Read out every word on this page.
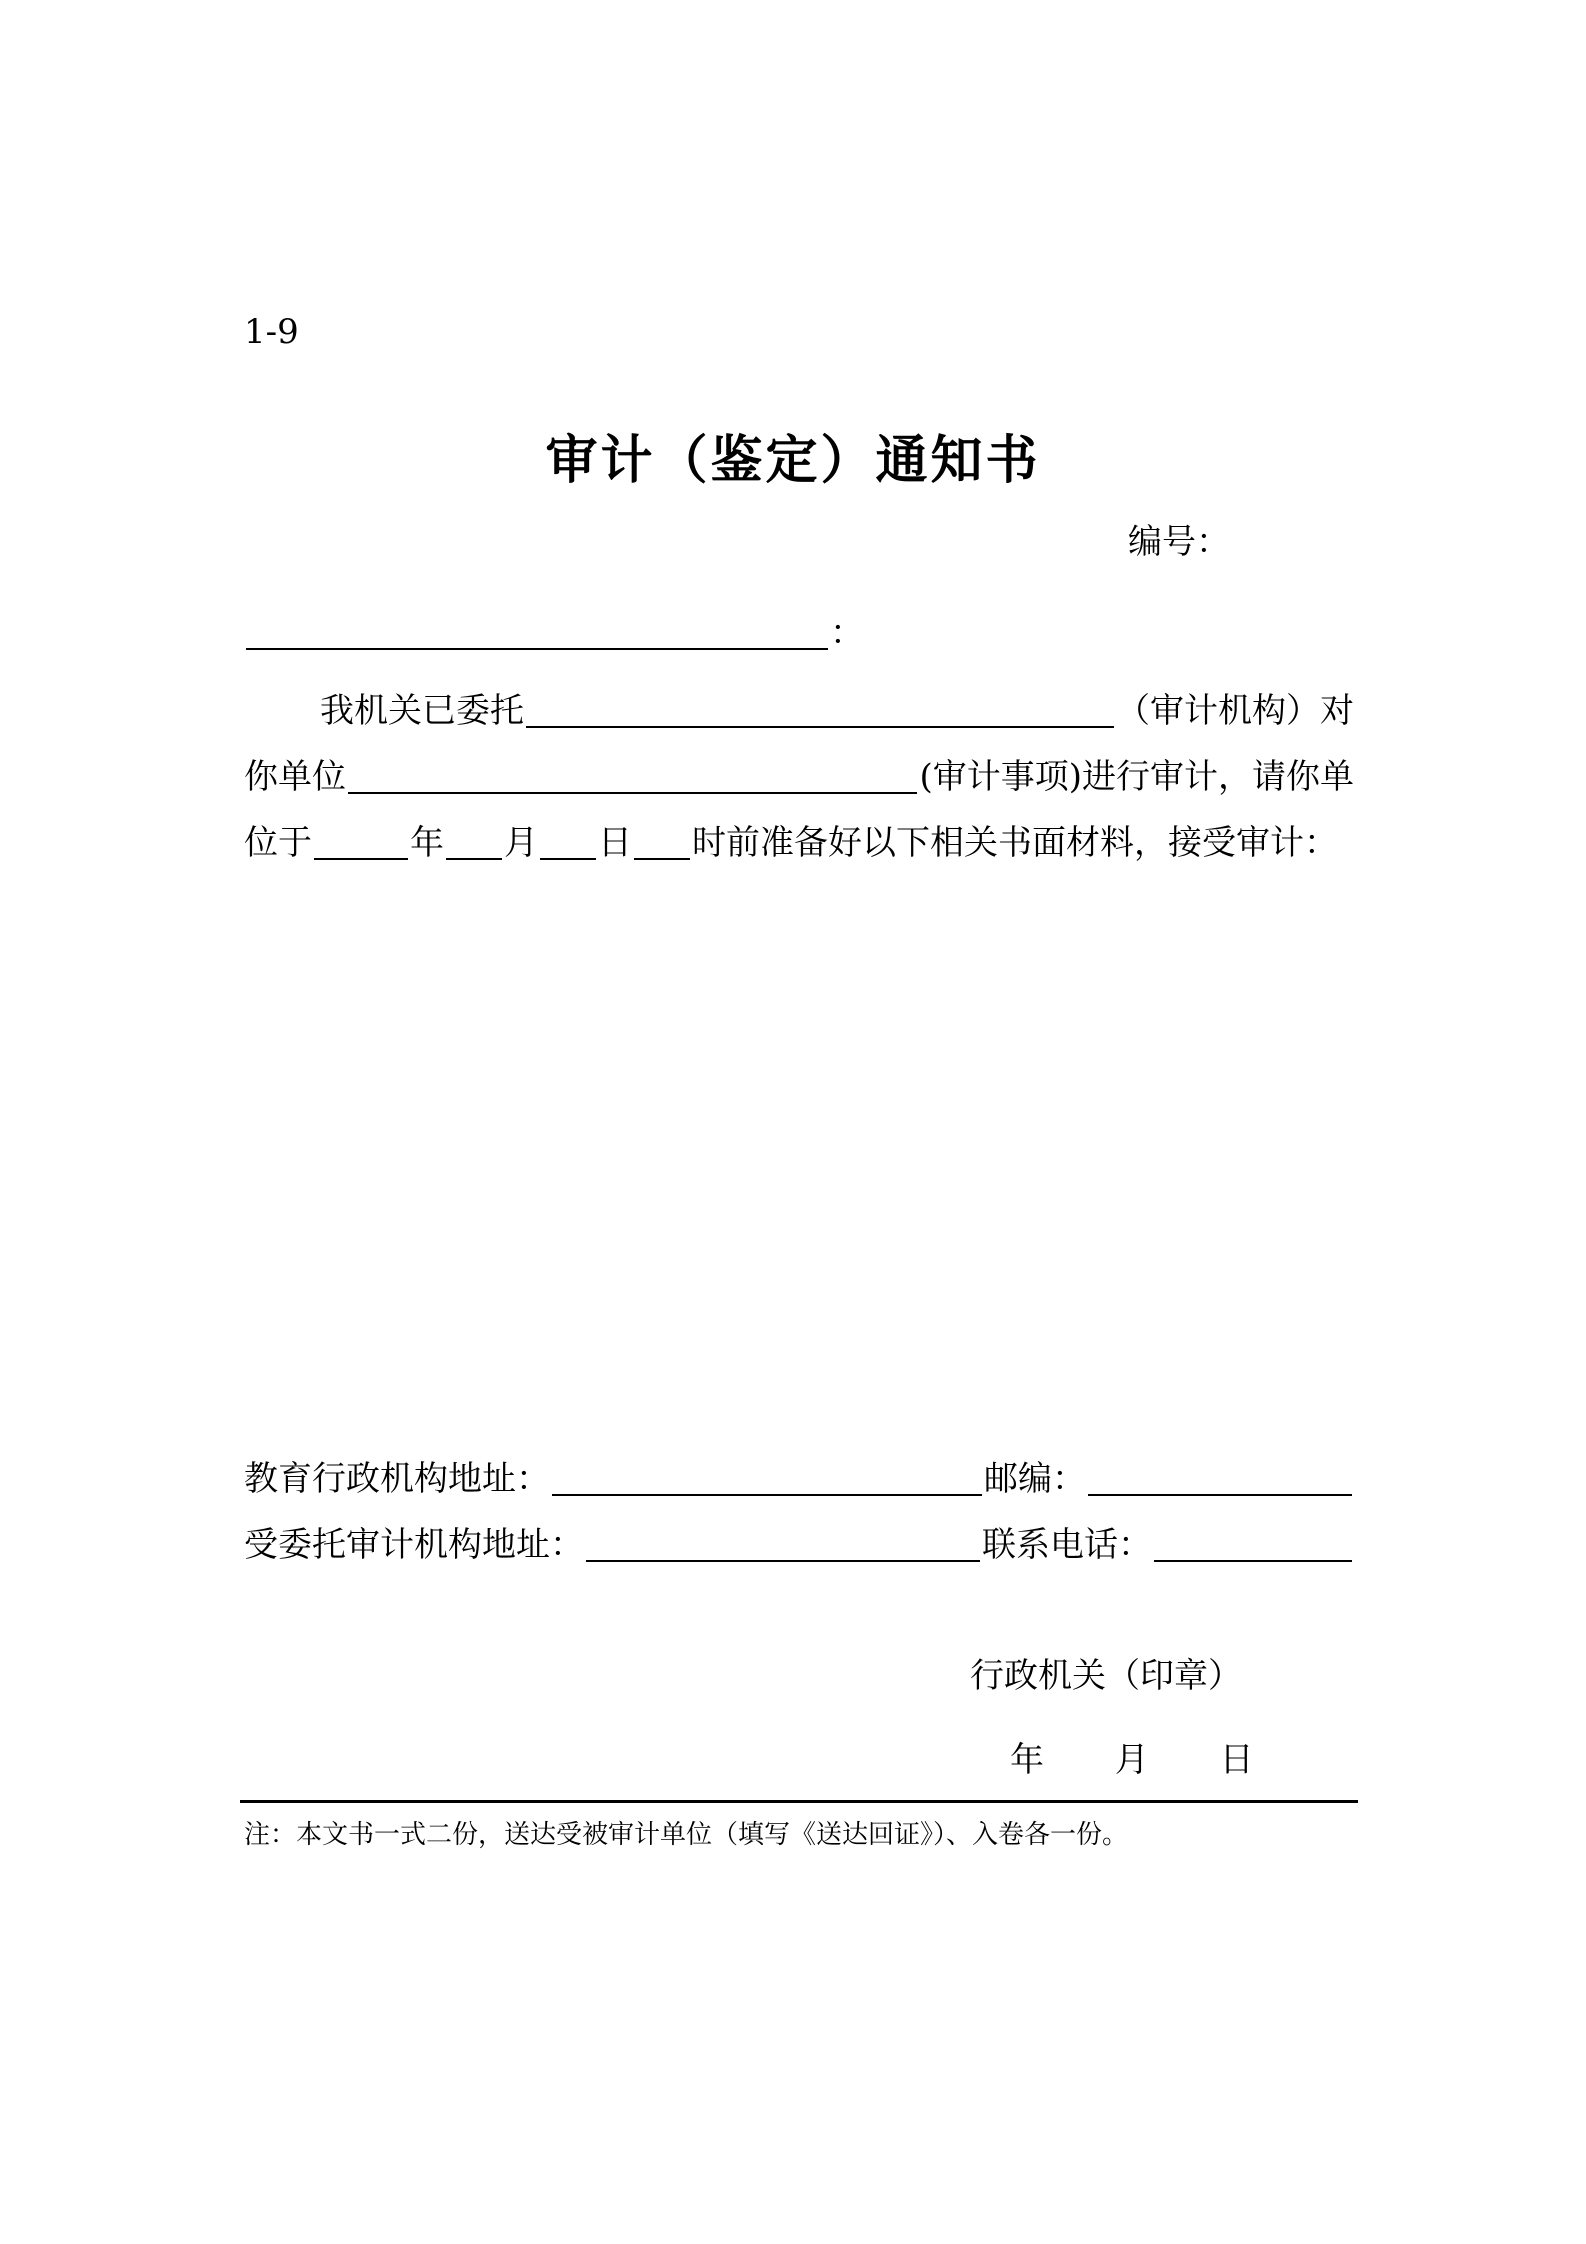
1-9
审计（鉴定）通知书
编号：
：
我机关已委托	（审计机构）对
你单位	(审计事项)进行审计，请你单
位于	年 月 日 时前准备好以下相关书面材料，接受审计：
教育行政机构地址：	邮编：
受委托审计机构地址：	联系电话：
行政机关（印章）
年 月 日
注：本文书一式二份，送达受被审计单位（填写《送达回证》）、入卷各一份。
